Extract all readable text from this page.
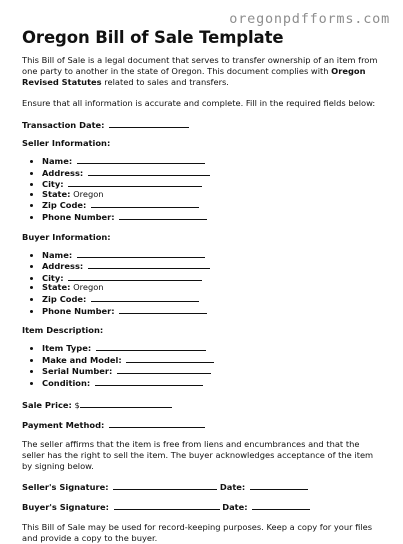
oregonpdfforms.com
Oregon Bill of Sale Template

This Bill of Sale is a legal document that serves to transfer ownership of an item from one party to another in the state of Oregon. This document complies with Oregon Revised Statutes related to sales and transfers.

Ensure that all information is accurate and complete. Fill in the required fields below:

Transaction Date:
Seller Information:
• Name:
• Address:
• City:
• State: Oregon
• Zip Code:
• Phone Number:
Buyer Information:
• Name:
• Address:
• City:
• State: Oregon
• Zip Code:
• Phone Number:
Item Description:
• Item Type:
• Make and Model:
• Serial Number:
• Condition:
Sale Price: $
Payment Method:

The seller affirms that the item is free from liens and encumbrances and that the seller has the right to sell the item. The buyer acknowledges acceptance of the item by signing below.

Seller's Signature:	Date:
Buyer's Signature:	Date:

This Bill of Sale may be used for record-keeping purposes. Keep a copy for your files and provide a copy to the buyer.
